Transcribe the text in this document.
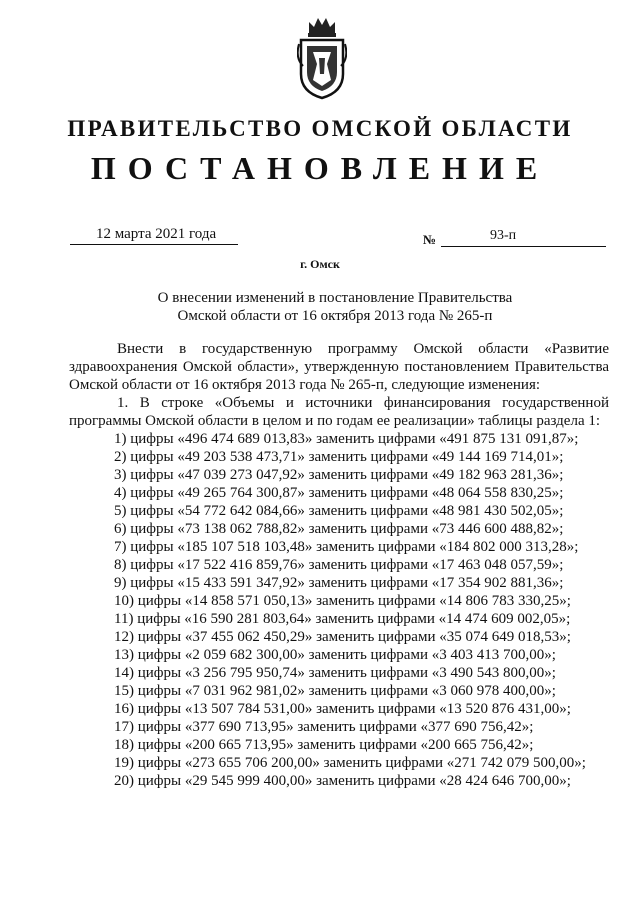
ПРАВИТЕЛЬСТВО ОМСКОЙ ОБЛАСТИ
ПОСТАНОВЛЕНИЕ
12 марта 2021 года	№	93-п
г. Омск
О внесении изменений в постановление Правительства
Омской области от 16 октября 2013 года № 265-п

Внести в государственную программу Омской области «Развитие здравоохранения Омской области», утвержденную постановлением Правительства Омской области от 16 октября 2013 года № 265-п, следующие изменения:

1. В строке «Объемы и источники финансирования государственной программы Омской области в целом и по годам ее реализации» таблицы раздела 1:

1) цифры «496 474 689 013,83» заменить цифрами «491 875 131 091,87»;
2) цифры «49 203 538 473,71» заменить цифрами «49 144 169 714,01»;
3) цифры «47 039 273 047,92» заменить цифрами «49 182 963 281,36»;
4) цифры «49 265 764 300,87» заменить цифрами «48 064 558 830,25»;
5) цифры «54 772 642 084,66» заменить цифрами «48 981 430 502,05»;
6) цифры «73 138 062 788,82» заменить цифрами «73 446 600 488,82»;
7) цифры «185 107 518 103,48» заменить цифрами «184 802 000 313,28»;
8) цифры «17 522 416 859,76» заменить цифрами «17 463 048 057,59»;
9) цифры «15 433 591 347,92» заменить цифрами «17 354 902 881,36»;
10) цифры «14 858 571 050,13» заменить цифрами «14 806 783 330,25»;
11) цифры «16 590 281 803,64» заменить цифрами «14 474 609 002,05»;
12) цифры «37 455 062 450,29» заменить цифрами «35 074 649 018,53»;
13) цифры «2 059 682 300,00» заменить цифрами «3 403 413 700,00»;
14) цифры «3 256 795 950,74» заменить цифрами «3 490 543 800,00»;
15) цифры «7 031 962 981,02» заменить цифрами «3 060 978 400,00»;
16) цифры «13 507 784 531,00» заменить цифрами «13 520 876 431,00»;
17) цифры «377 690 713,95» заменить цифрами «377 690 756,42»;
18) цифры «200 665 713,95» заменить цифрами «200 665 756,42»;
19) цифры «273 655 706 200,00» заменить цифрами «271 742 079 500,00»;
20) цифры «29 545 999 400,00» заменить цифрами «28 424 646 700,00»;
